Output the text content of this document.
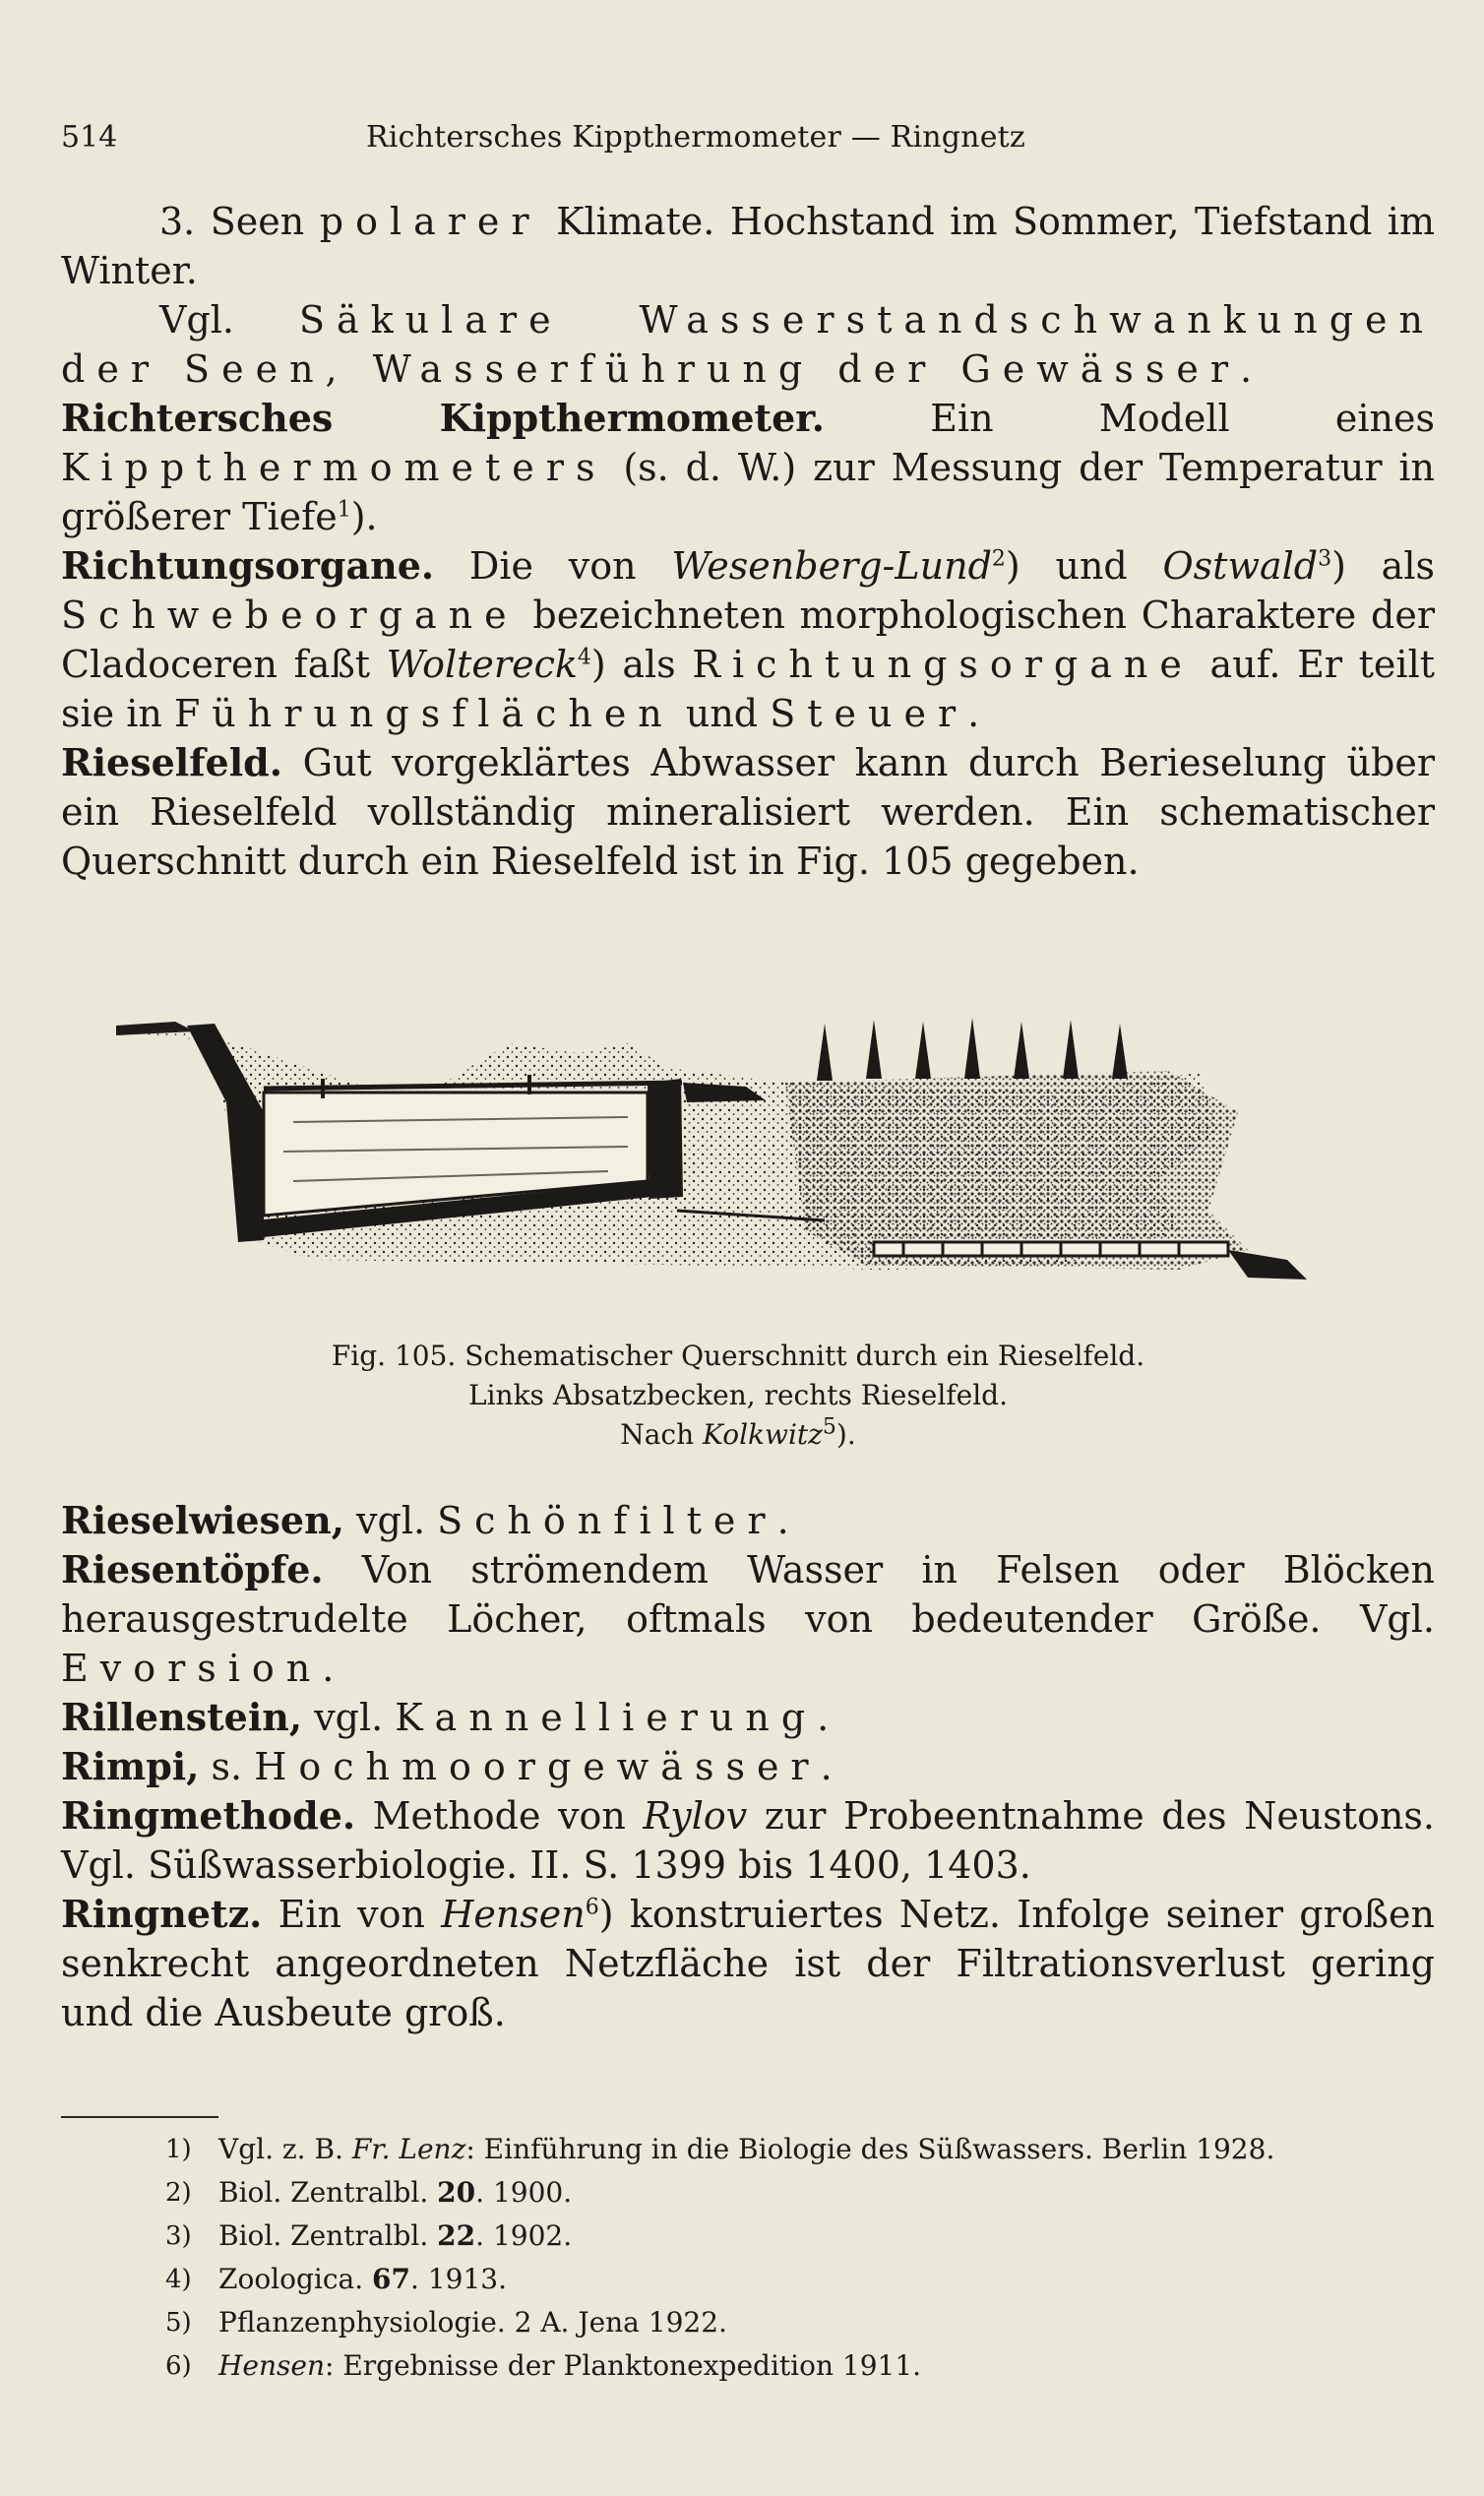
514	Richtersches Kippthermometer — Ringnetz

3. Seen polarer Klimate. Hochstand im Sommer, Tiefstand im Winter.

Vgl. Säkulare Wasserstandschwankungen der Seen, Wasserführung der Gewässer.

Richtersches Kippthermometer. Ein Modell eines Kippthermometers (s. d. W.) zur Messung der Temperatur in größerer Tiefe$^1$).

Richtungsorgane. Die von Wesenberg-Lund$^2$) und Ostwald$^3$) als Schwebeorgane bezeichneten morphologischen Charaktere der Cladoceren faßt Woltereck$^4$) als Richtungsorgane auf. Er teilt sie in Führungsflächen und Steuer.

Rieselfeld. Gut vorgeklärtes Abwasser kann durch Berieselung über ein Rieselfeld vollständig mineralisiert werden. Ein schematischer Querschnitt durch ein Rieselfeld ist in Fig. 105 gegeben.

Fig. 105. Schematischer Querschnitt durch ein Rieselfeld.
Links Absatzbecken, rechts Rieselfeld.
Nach Kolkwitz$^5$).

Rieselwiesen, vgl. Schönfilter.

Riesentöpfe. Von strömendem Wasser in Felsen oder Blöcken herausgestrudelte Löcher, oftmals von bedeutender Größe. Vgl. Evorsion.

Rillenstein, vgl. Kannellierung.

Rimpi, s. Hochmoorgewässer.

Ringmethode. Methode von Rylov zur Probeentnahme des Neustons. Vgl. Süßwasserbiologie. II. S. 1399 bis 1400, 1403.

Ringnetz. Ein von Hensen$^6$) konstruiertes Netz. Infolge seiner großen senkrecht angeordneten Netzfläche ist der Filtrationsverlust gering und die Ausbeute groß.

1) Vgl. z. B. Fr. Lenz: Einführung in die Biologie des Süßwassers. Berlin 1928.
2) Biol. Zentralbl. 20. 1900.
3) Biol. Zentralbl. 22. 1902.
4) Zoologica. 67. 1913.
5) Pflanzenphysiologie. 2 A. Jena 1922.
6) Hensen: Ergebnisse der Planktonexpedition 1911.
